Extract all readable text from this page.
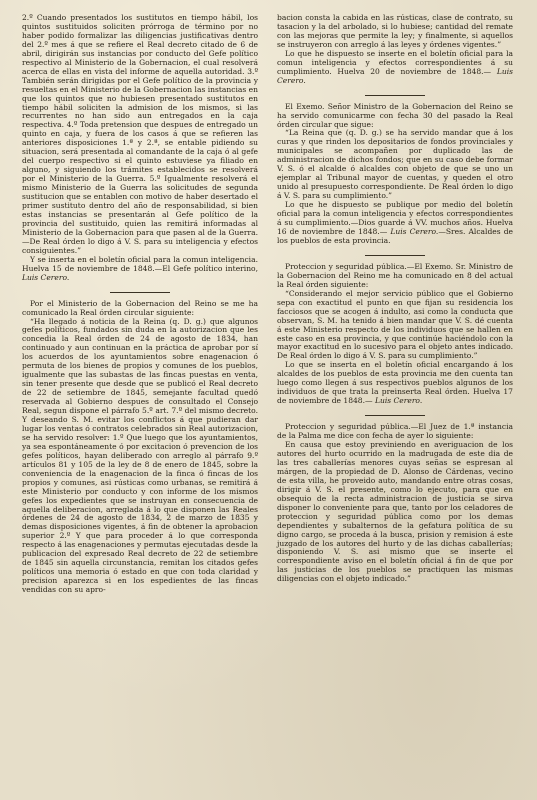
2.º Cuando presentados los sustitutos en tiempo hábil, los quintos sustituidos soliciten prórroga de término por no haber podido formalizar las diligencias justificativas dentro del 2.º mes á que se refiere el Real decreto citado de 6 de abril, dirigirán sus instancias por conducto del Gefe político respectivo al Ministerio de la Gobernacion, el cual resolverá acerca de ellas en vista del informe de aquella autoridad. 3.º También serán dirigidas por el Gefe político de la provincia y resueltas en el Ministerio de la Gobernacion las instancias en que los quintos que no hubiesen presentado sustitutos en tiempo hábil soliciten la admision de los mismos, si las recurrentes no han sido aun entregados en la caja respectiva. 4.º Toda pretension que despues de entregado un quinto en caja, y fuera de los casos á que se refieren las anteriores disposiciones 1.ª y 2.ª, se entable pidiendo su situacion, será presentada al comandante de la caja ó al gefe del cuerpo respectivo si el quinto estuviese ya filiado en alguno, y siguiendo los trámites establecidos se resolverá por el Ministerio de la Guerra. 5.º Igualmente resolverá el mismo Ministerio de la Guerra las solicitudes de segunda sustitucion que se entablen con motivo de haber desertado el primer sustituto dentro del año de responsabilidad, si bien estas instancias se presentarán al Gefe político de la provincia del sustituido, quien las remitirá informadas al Ministerio de la Gobernacion para que pasen al de la Guerra.—De Real órden lo digo á V. S. para su inteligencia y efectos consiguientes.”

Y se inserta en el boletín oficial para la comun inteligencia. Huelva 15 de noviembre de 1848.—El Gefe político interino, Luis Cerero.

Por el Ministerio de la Gobernacion del Reino se me ha comunicado la Real órden circular siguiente:

“Ha llegado á noticia de la Reina (q. D. g.) que algunos gefes políticos, fundados sin duda en la autorizacion que les concedia la Real órden de 24 de agosto de 1834, han continuado y aun continuan en la práctica de aprobar por sí los acuerdos de los ayuntamientos sobre enagenacion ó permuta de los bienes de propios y comunes de los pueblos, igualmente que las subastas de las fincas puestas en venta, sin tener presente que desde que se publicó el Real decreto de 22 de setiembre de 1845, semejante facultad quedó reservada al Gobierno despues de consultado el Consejo Real, segun dispone el párrafo 5.º art. 7.º del mismo decreto. Y deseando S. M. evitar los conflictos á que pudieran dar lugar los ventas ó contratos celebrados sin Real autorizacion, se ha servido resolver: 1.º Que luego que los ayuntamientos, ya sea espontáneamente ó por excitacion ó prevencion de los gefes políticos, hayan deliberado con arreglo al párrafo 9.º artículos 81 y 105 de la ley de 8 de enero de 1845, sobre la conveniencia de la enagenacion de la finca ó fincas de los propios y comunes, asi rústicas como urbanas, se remitirá á este Ministerio por conducto y con informe de los mismos gefes los expedientes que se instruyan en consecuencia de aquella deliberacion, arreglada á lo que disponen las Reales órdenes de 24 de agosto de 1834, 2 de marzo de 1835 y demas disposiciones vigentes, á fin de obtener la aprobacion superior 2.º Y que para proceder á lo que corresponda respecto á las enagenaciones y permutas ejecutadas desde la publicacion del expresado Real decreto de 22 de setiembre de 1845 sin aquella circunstancia, remitan los citados gefes políticos una memoria ó estado en que con toda claridad y precision aparezca si en los espedientes de las fincas vendidas con su apro-

bacion consta la cabida en las rústicas, clase de contrato, su tasacion y la del arbolado, si lo hubiese; cantidad del remate con las mejoras que permite la ley; y finalmente, si aquellos se instruyeron con arreglo á las leyes y órdenes vigentes.”

Lo que he dispuesto se inserte en el boletín oficial para la comun inteligencia y efectos correspondientes á su cumplimiento. Huelva 20 de noviembre de 1848.— Luis Cerero.

El Exemo. Señor Ministro de la Gobernacion del Reino se ha servido comunicarme con fecha 30 del pasado la Real órden circular que sigue:

“La Reina que (q. D. g.) se ha servido mandar que á los curas y que rinden los depositarios de fondos provinciales y municipales se acompañen por duplicado las de administracion de dichos fondos; que en su caso debe formar V. S. ó el alcalde ó alcaldes con objeto de que se uno un ejemplar al Tribunal mayor de cuentas, y queden el otro unido al presupuesto correspondiente. De Real órden lo digo á V. S. para su cumplimiento.”

Lo que he dispuesto se publique por medio del boletín oficial para la comun inteligencia y efectos correspondientes á su cumplimiento.—Dios guarde á VV. muchos años. Huelva 16 de noviembre de 1848.— Luis Cerero.—Sres. Alcaldes de los pueblos de esta provincia.

Proteccion y seguridad pública.—El Exemo. Sr. Ministro de la Gobernacion del Reino me ha comunicado en 8 del actual la Real órden siguiente:

“Considerando el mejor servicio público que el Gobierno sepa con exactitud el punto en que fijan su residencia los facciosos que se acogen á indulto, asi como la conducta que observan, S. M. ha tenido á bien mandar que V. S. dé cuenta á este Ministerio respecto de los individuos que se hallen en este caso en esa provincia, y que continúe haciéndolo con la mayor exactitud en lo sucesivo para el objeto antes indicado. De Real órden lo digo á V. S. para su cumplimiento.”

Lo que se inserta en el boletín oficial encargando á los alcaldes de los pueblos de esta provincia me den cuenta tan luego como llegen á sus respectivos pueblos algunos de los individuos de que trata la preinserta Real órden. Huelva 17 de noviembre de 1848.— Luis Cerero.

Proteccion y seguridad pública.—El Juez de 1.ª instancia de la Palma me dice con fecha de ayer lo siguiente:

En causa que estoy previniendo en averiguacion de los autores del hurto ocurrido en la madrugada de este dia de las tres caballerías menores cuyas señas se espresan al márgen, de la propiedad de D. Alonso de Cárdenas, vecino de esta villa, he proveido auto, mandando entre otras cosas, dirigir á V. S. el presente, como lo ejecuto, para que en obsequio de la recta administracion de justicia se sirva disponer lo conveniente para que, tanto por los celadores de proteccion y seguridad pública como por los demas dependientes y subalternos de la gefatura política de su digno cargo, se proceda á la busca, prision y remision á este juzgado de los autores del hurto y de las dichas caballerías; disponiendo V. S. asi mismo que se inserte el correspondiente aviso en el boletín oficial á fin de que por las justicias de los pueblos se practiquen las mismas diligencias con el objeto indicado.”
